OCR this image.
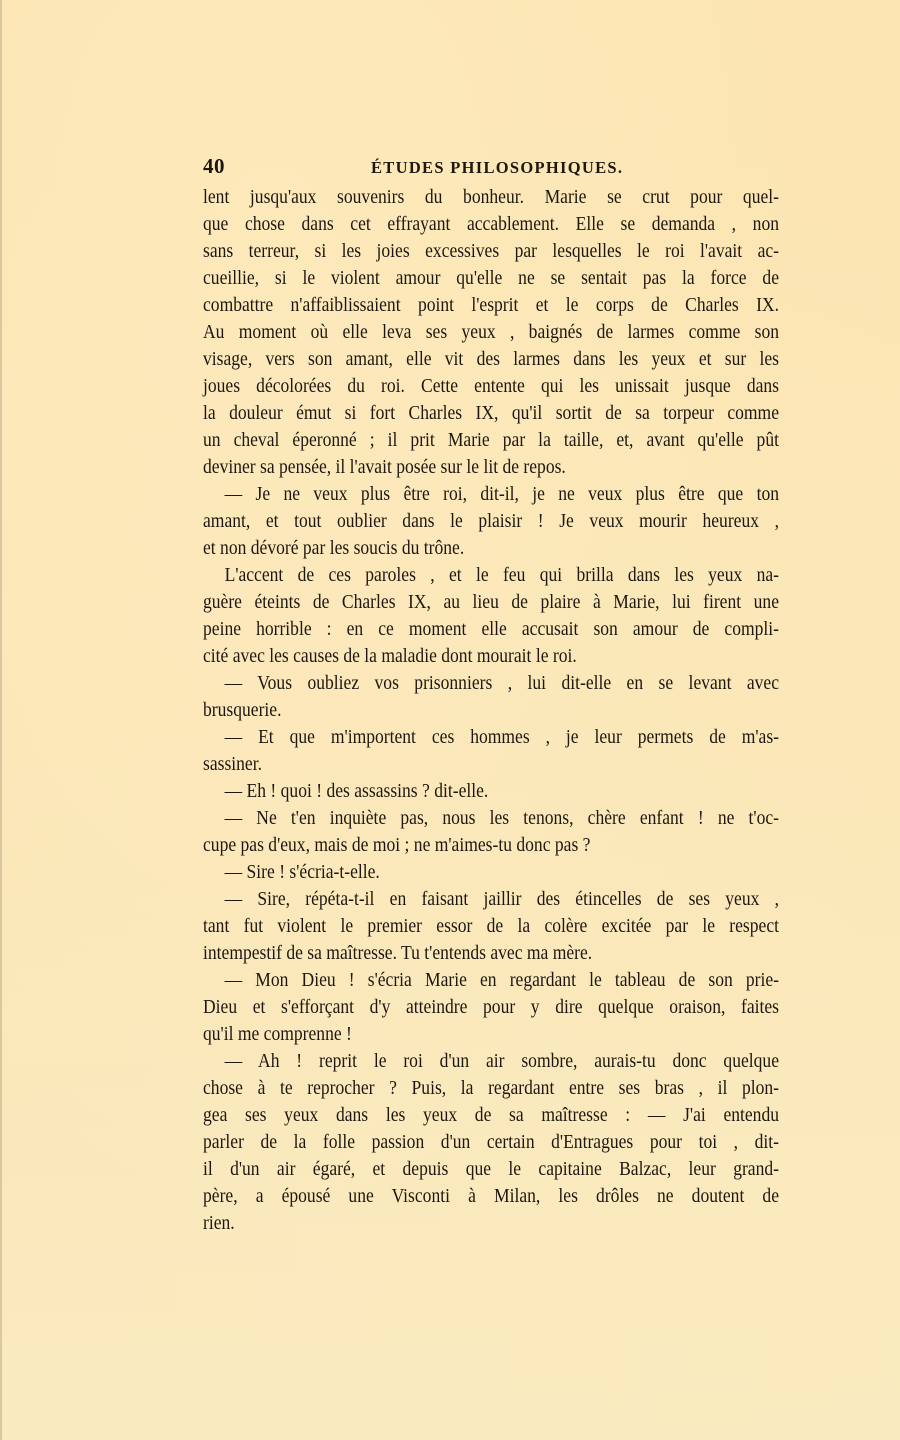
40	ÉTUDES PHILOSOPHIQUES.
lent jusqu'aux souvenirs du bonheur. Marie se crut pour quel-
que chose dans cet effrayant accablement. Elle se demanda , non
sans terreur, si les joies excessives par lesquelles le roi l'avait ac-
cueillie, si le violent amour qu'elle ne se sentait pas la force de
combattre n'affaiblissaient point l'esprit et le corps de Charles IX.
Au moment où elle leva ses yeux , baignés de larmes comme son
visage, vers son amant, elle vit des larmes dans les yeux et sur les
joues décolorées du roi. Cette entente qui les unissait jusque dans
la douleur émut si fort Charles IX, qu'il sortit de sa torpeur comme
un cheval éperonné ; il prit Marie par la taille, et, avant qu'elle pût
deviner sa pensée, il l'avait posée sur le lit de repos.
— Je ne veux plus être roi, dit-il, je ne veux plus être que ton
amant, et tout oublier dans le plaisir ! Je veux mourir heureux ,
et non dévoré par les soucis du trône.
L'accent de ces paroles , et le feu qui brilla dans les yeux na-
guère éteints de Charles IX, au lieu de plaire à Marie, lui firent une
peine horrible : en ce moment elle accusait son amour de compli-
cité avec les causes de la maladie dont mourait le roi.
— Vous oubliez vos prisonniers , lui dit-elle en se levant avec
brusquerie.
— Et que m'importent ces hommes , je leur permets de m'as-
sassiner.
— Eh ! quoi ! des assassins ? dit-elle.
— Ne t'en inquiète pas, nous les tenons, chère enfant ! ne t'oc-
cupe pas d'eux, mais de moi ; ne m'aimes-tu donc pas ?
— Sire ! s'écria-t-elle.
— Sire, répéta-t-il en faisant jaillir des étincelles de ses yeux ,
tant fut violent le premier essor de la colère excitée par le respect
intempestif de sa maîtresse. Tu t'entends avec ma mère.
— Mon Dieu ! s'écria Marie en regardant le tableau de son prie-
Dieu et s'efforçant d'y atteindre pour y dire quelque oraison, faites
qu'il me comprenne !
— Ah ! reprit le roi d'un air sombre, aurais-tu donc quelque
chose à te reprocher ? Puis, la regardant entre ses bras , il plon-
gea ses yeux dans les yeux de sa maîtresse : — J'ai entendu
parler de la folle passion d'un certain d'Entragues pour toi , dit-
il d'un air égaré, et depuis que le capitaine Balzac, leur grand-
père, a épousé une Visconti à Milan, les drôles ne doutent de
rien.
